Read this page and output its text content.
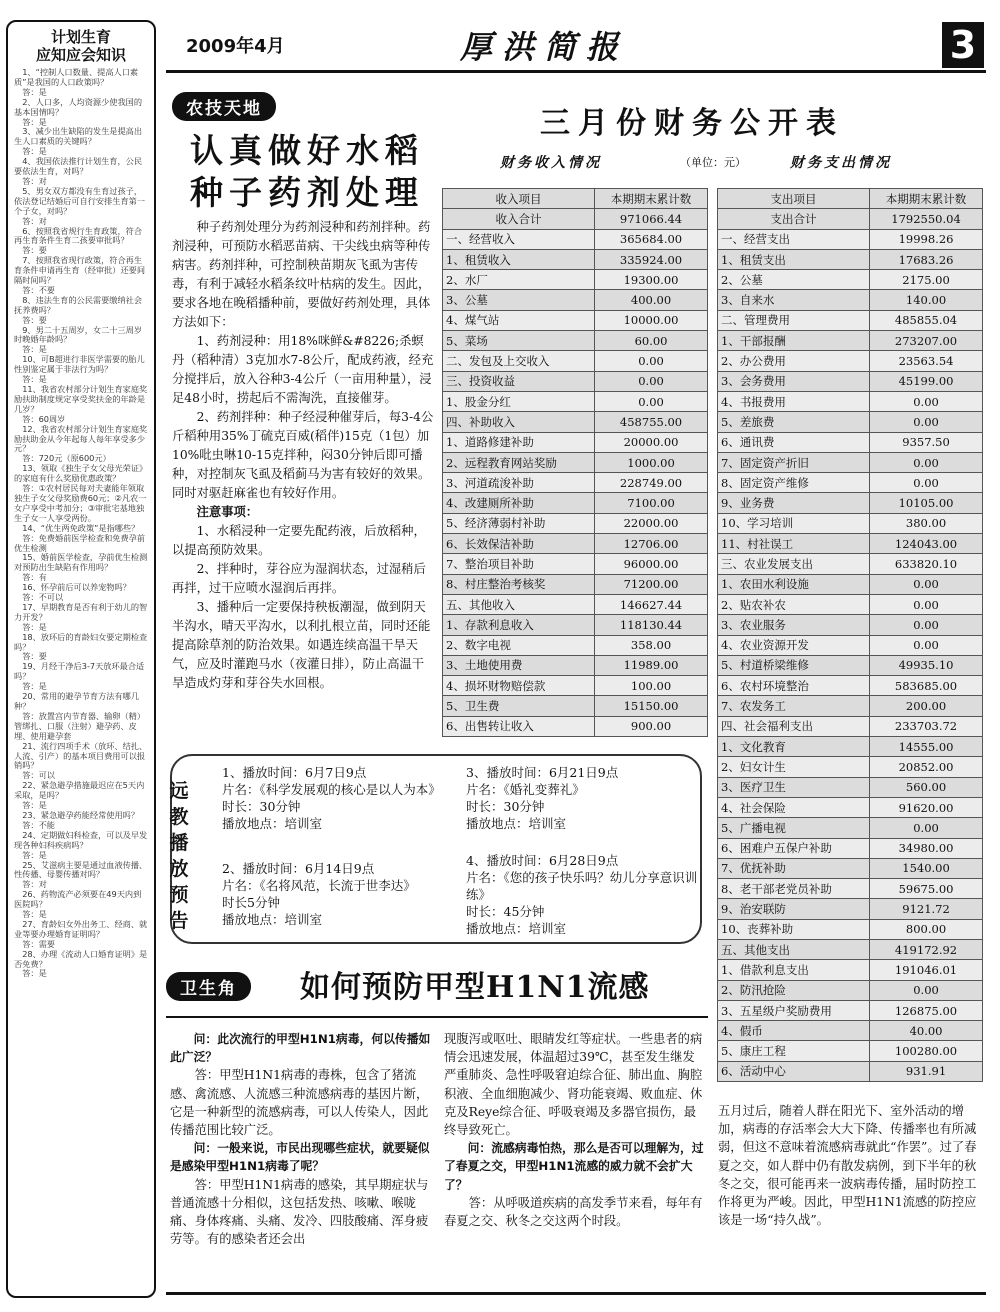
计划生育
应知应会知识

1、“控制人口数量、提高人口素质”是我国的人口政策吗？

答：是

2、人口多，人均资源少使我国的基本国情吗？

答：是

3、减少出生缺陷的发生是提高出生人口素质的关键吗？

答：是

4、我国依法推行计划生育，公民要依法生育，对吗？

答：对

5、男女双方都没有生育过孩子，依法登记结婚后可自行安排生育第一个子女，对吗？

答：对

6、按照我省规行生育政策，符合再生育条件生育二孩要审批吗？

答：要

7、按照我省现行政策，符合再生育条件申请再生育（经审批）还要间隔时间吗？

答：不要

8、违法生育的公民需要缴纳社会抚养费吗？

答：要

9、男二十五周岁，女二十三周岁时晚婚年龄吗？

答：是

10、可B超进行非医学需要的胎儿性别鉴定属于非法行为吗？

答：是

11、我省农村部分计划生育家庭奖励扶助制度规定享受奖扶金的年龄是几岁？

答：60周岁

12、我省农村部分计划生育家庭奖励扶助金从今年起每人每年享受多少元？

答：720元（原600元）

13、领取《独生子女父母光荣证》的家庭有什么奖励优惠政策？

答：①农村居民每对夫妻能年领取独生子女父母奖励费60元；②凡农一女户享受中考加分；③审批宅基地独生子女一人享受两份。

14、“优生两免政策”是指哪些？

答：免费婚前医学检查和免费孕前优生检测

15、婚前医学检查，孕前优生检测对预防出生缺陷有作用吗？

答：有

16、怀孕前后可以养宠物吗？

答：不可以

17、早期教育是否有利于幼儿的智力开发？

答：是

18、放环后的育龄妇女要定期检查吗？

答：要

19、月经干净后3-7天放环最合适吗？

答：是

20、常用的避孕节育方法有哪几种？

答：放置宫内节育器、输卵（精）管绑扎、口服（注射）避孕药、皮埋、使用避孕套

21、流行四项手术（放环、结扎、人流、引产）的基本项目费用可以报销吗？

答：可以

22、紧急避孕措施最迟应在5天内采取，是吗？

答：是

23、紧急避孕药能经常使用吗？

答：不能

24、定期做妇科检查，可以及早发现各种妇科疾病吗？

答：是

25、艾滋病主要是通过血液传播、性传播、母婴传播对吗？

答：对

26、药物流产必须要在49天内到医院吗？

答：是

27、育龄妇女外出务工、经商、就业等要办理婚育证明吗？

答：需要

28、办理《流动人口婚育证明》是否免费？

答：是

2009年4月	厚洪简报	3
农技天地
认真做好水稻
种子药剂处理

种子药剂处理分为药剂浸种和药剂拌种。药剂浸种，可预防水稻恶苗病、干尖线虫病等种传病害。药剂拌种，可控制秧苗期灰飞虱为害传毒，有利于减轻水稻条纹叶枯病的发生。因此，要求各地在晚稻播种前，要做好药剂处理，具体方法如下：

1、药剂浸种：用18%咪鲜&#8226;杀螟丹（稻种清）3克加水7-8公斤，配成药液，经充分搅拌后，放入谷种3-4公斤（一亩用种量），浸足48小时，捞起后不需淘洗，直接催芽。

2、药剂拌种：种子经浸种催芽后，每3-4公斤稻种用35%丁硫克百威(稻伴)15克（1包）加10%吡虫啉10-15克拌种，闷30分钟后即可播种，对控制灰飞虱及稻蓟马为害有较好的效果。同时对驱赶麻雀也有较好作用。

注意事项：

1、水稻浸种一定要先配药液，后放稻种，以提高预防效果。

2、拌种时，芽谷应为湿润状态，过湿稍后再拌，过干应喷水湿润后再拌。

3、播种后一定要保持秧板潮湿，做到阴天半沟水，晴天平沟水，以利扎根立苗，同时还能提高除草剂的防治效果。如遇连续高温干旱天气，应及时灌跑马水（夜灌日排），防止高温干旱造成灼芽和芽谷失水回根。

三月份财务公开表
财务收入情况	（单位：元）	财务支出情况
收入项目	本期期末累计数
收入合计	971066.44
一、经营收入	365684.00
1、租赁收入	335924.00
2、水厂	19300.00
3、公墓	400.00
4、煤气站	10000.00
5、菜场	60.00
二、发包及上交收入	0.00
三、投资收益	0.00
1、股金分红	0.00
四、补助收入	458755.00
1、道路修建补助	20000.00
2、远程教育网站奖励	1000.00
3、河道疏浚补助	228749.00
4、改建厕所补助	7100.00
5、经济薄弱村补助	22000.00
6、长效保洁补助	12706.00
7、整治项目补助	96000.00
8、村庄整治考核奖	71200.00
五、其他收入	146627.44
1、存款利息收入	118130.44
2、数字电视	358.00
3、土地使用费	11989.00
4、损坏财物赔偿款	100.00
5、卫生费	15150.00
6、出售转让收入	900.00
支出项目	本期期末累计数
支出合计	1792550.04
一、经营支出	19998.26
1、租赁支出	17683.26
2、公墓	2175.00
3、自来水	140.00
二、管理费用	485855.04
1、干部报酬	273207.00
2、办公费用	23563.54
3、会务费用	45199.00
4、书报费用	0.00
5、差旅费	0.00
6、通讯费	9357.50
7、固定资产折旧	0.00
8、固定资产维修	0.00
9、业务费	10105.00
10、学习培训	380.00
11、村社误工	124043.00
三、农业发展支出	633820.10
1、农田水利设施	0.00
2、贴农补农	0.00
3、农业服务	0.00
4、农业资源开发	0.00
5、村道桥梁维修	49935.10
6、农村环境整治	583685.00
7、农发务工	200.00
四、社会福利支出	233703.72
1、文化教育	14555.00
2、妇女计生	20852.00
3、医疗卫生	560.00
4、社会保险	91620.00
5、广播电视	0.00
6、困难户五保户补助	34980.00
7、优抚补助	1540.00
8、老干部老党员补助	59675.00
9、治安联防	9121.72
10、丧葬补助	800.00
五、其他支出	419172.92
1、借款利息支出	191046.01
2、防汛抢险	0.00
3、五星级户奖励费用	126875.00
4、假币	40.00
5、康庄工程	100280.00
6、活动中心	931.91
远教播放预告
1、播放时间：6月7日9点
片名：《科学发展观的核心是以人为本》
时长：30分钟
播放地点：培训室
2、播放时间：6月14日9点
片名：《名将风范，长流于世李达》
时长5分钟
播放地点：培训室
3、播放时间：6月21日9点
片名：《婚礼变葬礼》
时长：30分钟
播放地点：培训室
4、播放时间：6月28日9点
片名：《您的孩子快乐吗？幼儿分享意识训练》
时长：45分钟
播放地点：培训室
卫生角	如何预防甲型H1N1流感

问：此次流行的甲型H1N1病毒，何以传播如此广泛？

答：甲型H1N1病毒的毒株，包含了猪流感、禽流感、人流感三种流感病毒的基因片断，它是一种新型的流感病毒，可以人传染人，因此传播范围比较广泛。

问：一般来说，市民出现哪些症状，就要疑似是感染甲型H1N1病毒了呢？

答：甲型H1N1病毒的感染，其早期症状与普通流感十分相似，这包括发热、咳嗽、喉咙痛、身体疼痛、头痛、发冷、四肢酸痛、浑身疲劳等。有的感染者还会出

现腹泻或呕吐、眼睛发红等症状。一些患者的病情会迅速发展，体温超过39℃，甚至发生继发严重肺炎、急性呼吸窘迫综合征、肺出血、胸腔积液、全血细胞减少、肾功能衰竭、败血症、休克及Reye综合征、呼吸衰竭及多器官损伤，最终导致死亡。

问：流感病毒怕热，那么是否可以理解为，过了春夏之交，甲型H1N1流感的威力就不会扩大了？

答：从呼吸道疾病的高发季节来看，每年有春夏之交、秋冬之交这两个时段。

五月过后，随着人群在阳光下、室外活动的增加，病毒的存活率会大大下降、传播率也有所减弱，但这不意味着流感病毒就此“作罢”。过了春夏之交，如人群中仍有散发病例，到下半年的秋冬之交，很可能再来一波病毒传播，届时防控工作将更为严峻。因此，甲型H1N1流感的防控应该是一场“持久战”。
